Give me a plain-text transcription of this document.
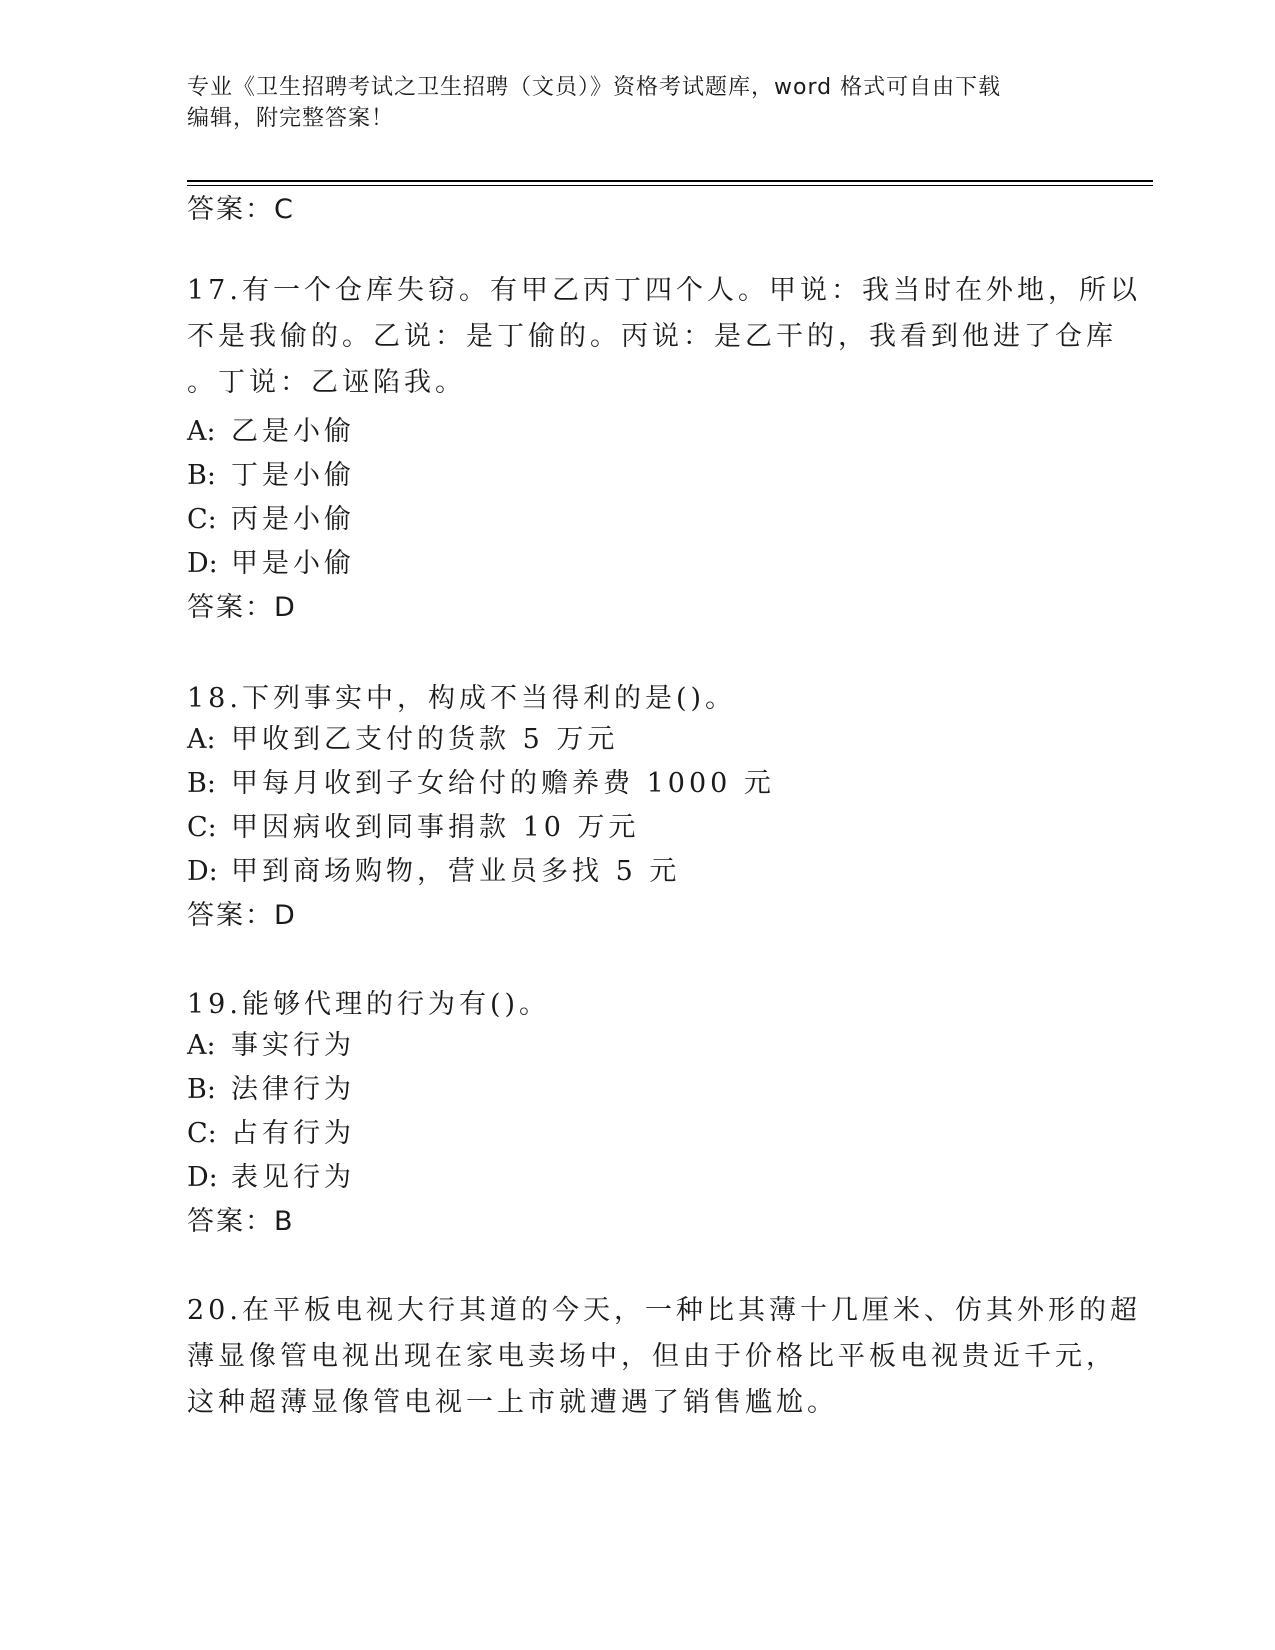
专业《卫生招聘考试之卫生招聘（文员）》资格考试题库，word 格式可自由下载
编辑，附完整答案！
答案：C
17.有一个仓库失窃。有甲乙丙丁四个人。甲说：我当时在外地，所以
不是我偷的。乙说：是丁偷的。丙说：是乙干的，我看到他进了仓库
。丁说：乙诬陷我。
A: 乙是小偷
B: 丁是小偷
C: 丙是小偷
D: 甲是小偷
答案：D
18.下列事实中，构成不当得利的是()。
A: 甲收到乙支付的货款 5 万元
B: 甲每月收到子女给付的赡养费 1000 元
C: 甲因病收到同事捐款 10 万元
D: 甲到商场购物，营业员多找 5 元
答案：D
19.能够代理的行为有()。
A: 事实行为
B: 法律行为
C: 占有行为
D: 表见行为
答案：B
20.在平板电视大行其道的今天，一种比其薄十几厘米、仿其外形的超
薄显像管电视出现在家电卖场中，但由于价格比平板电视贵近千元，
这种超薄显像管电视一上市就遭遇了销售尴尬。
